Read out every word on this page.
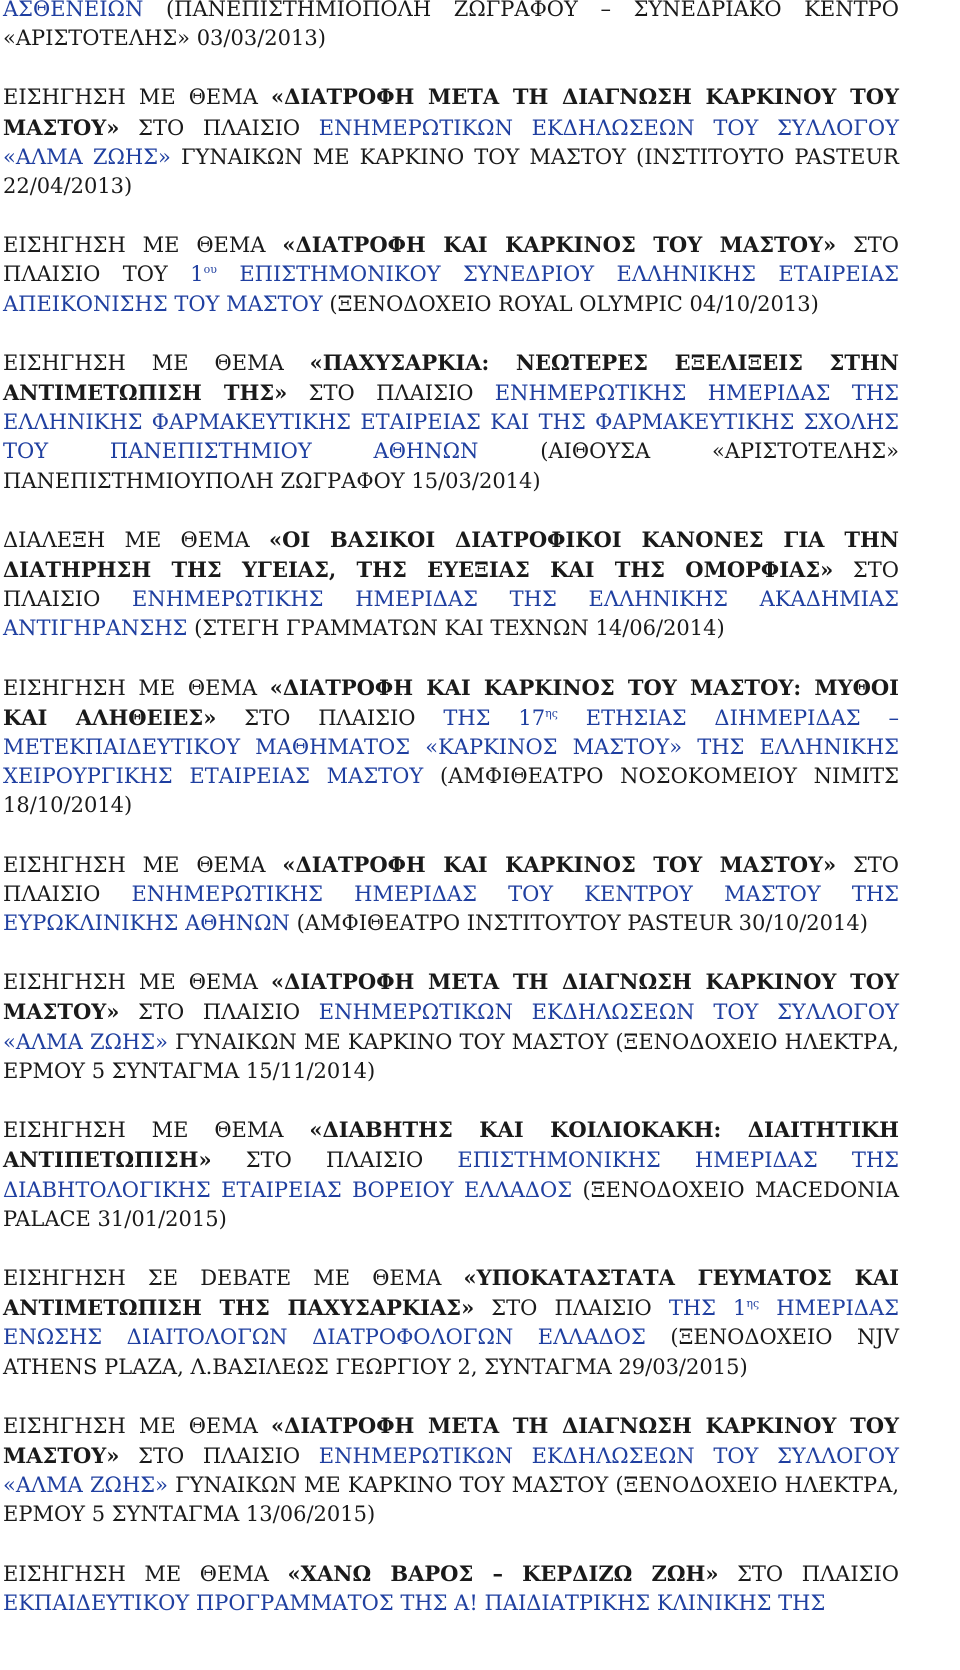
ΑΣΘΕΝΕΙΩΝ (ΠΑΝΕΠΙΣΤΗΜΙΟΠΟΛΗ ΖΩΓΡΑΦΟΥ – ΣΥΝΕΔΡΙΑΚΟ ΚΕΝΤΡΟ «ΑΡΙΣΤΟΤΕΛΗΣ» 03/03/2013)

ΕΙΣΗΓΗΣΗ ΜΕ ΘΕΜΑ «ΔΙΑΤΡΟΦΗ ΜΕΤΑ ΤΗ ΔΙΑΓΝΩΣΗ ΚΑΡΚΙΝΟΥ ΤΟΥ ΜΑΣΤΟΥ» ΣΤΟ ΠΛΑΙΣΙΟ ΕΝΗΜΕΡΩΤΙΚΩΝ ΕΚΔΗΛΩΣΕΩΝ ΤΟΥ ΣΥΛΛΟΓΟΥ «ΑΛΜΑ ΖΩΗΣ» ΓΥΝΑΙΚΩΝ ΜΕ ΚΑΡΚΙΝΟ ΤΟΥ ΜΑΣΤΟΥ (ΙΝΣΤΙΤΟΥΤΟ PASTEUR 22/04/2013)

ΕΙΣΗΓΗΣΗ ΜΕ ΘΕΜΑ «ΔΙΑΤΡΟΦΗ ΚΑΙ ΚΑΡΚΙΝΟΣ ΤΟΥ ΜΑΣΤΟΥ» ΣΤΟ ΠΛΑΙΣΙΟ ΤΟΥ $1^{o\upsilon}$ ΕΠΙΣΤΗΜΟΝΙΚΟΥ ΣΥΝΕΔΡΙΟΥ ΕΛΛΗΝΙΚΗΣ ΕΤΑΙΡΕΙΑΣ ΑΠΕΙΚΟΝΙΣΗΣ ΤΟΥ ΜΑΣΤΟΥ (ΞΕΝΟΔΟΧΕΙΟ ROYAL OLYMPIC 04/10/2013)

ΕΙΣΗΓΗΣΗ ΜΕ ΘΕΜΑ «ΠΑΧΥΣΑΡΚΙΑ: ΝΕΩΤΕΡΕΣ ΕΞΕΛΙΞΕΙΣ ΣΤΗΝ ΑΝΤΙΜΕΤΩΠΙΣΗ ΤΗΣ» ΣΤΟ ΠΛΑΙΣΙΟ ΕΝΗΜΕΡΩΤΙΚΗΣ ΗΜΕΡΙΔΑΣ ΤΗΣ ΕΛΛΗΝΙΚΗΣ ΦΑΡΜΑΚΕΥΤΙΚΗΣ ΕΤΑΙΡΕΙΑΣ ΚΑΙ ΤΗΣ ΦΑΡΜΑΚΕΥΤΙΚΗΣ ΣΧΟΛΗΣ ΤΟΥ ΠΑΝΕΠΙΣΤΗΜΙΟΥ ΑΘΗΝΩΝ (ΑΙΘΟΥΣΑ «ΑΡΙΣΤΟΤΕΛΗΣ» ΠΑΝΕΠΙΣΤΗΜΙΟΥΠΟΛΗ ΖΩΓΡΑΦΟΥ 15/03/2014)

ΔΙΑΛΕΞΗ ΜΕ ΘΕΜΑ «ΟΙ ΒΑΣΙΚΟΙ ΔΙΑΤΡΟΦΙΚΟΙ ΚΑΝΟΝΕΣ ΓΙΑ ΤΗΝ ΔΙΑΤΗΡΗΣΗ ΤΗΣ ΥΓΕΙΑΣ, ΤΗΣ ΕΥΕΞΙΑΣ ΚΑΙ ΤΗΣ ΟΜΟΡΦΙΑΣ» ΣΤΟ ΠΛΑΙΣΙΟ ΕΝΗΜΕΡΩΤΙΚΗΣ ΗΜΕΡΙΔΑΣ ΤΗΣ ΕΛΛΗΝΙΚΗΣ ΑΚΑΔΗΜΙΑΣ ΑΝΤΙΓΗΡΑΝΣΗΣ (ΣΤΕΓΗ ΓΡΑΜΜΑΤΩΝ ΚΑΙ ΤΕΧΝΩΝ 14/06/2014)

ΕΙΣΗΓΗΣΗ ΜΕ ΘΕΜΑ «ΔΙΑΤΡΟΦΗ ΚΑΙ ΚΑΡΚΙΝΟΣ ΤΟΥ ΜΑΣΤΟΥ: ΜΥΘΟΙ ΚΑΙ ΑΛΗΘΕΙΕΣ» ΣΤΟ ΠΛΑΙΣΙΟ ΤΗΣ $17^{\eta\varsigma}$ ΕΤΗΣΙΑΣ ΔΙΗΜΕΡΙΔΑΣ – ΜΕΤΕΚΠΑΙΔΕΥΤΙΚΟΥ ΜΑΘΗΜΑΤΟΣ «ΚΑΡΚΙΝΟΣ ΜΑΣΤΟΥ» ΤΗΣ ΕΛΛΗΝΙΚΗΣ ΧΕΙΡΟΥΡΓΙΚΗΣ ΕΤΑΙΡΕΙΑΣ ΜΑΣΤΟΥ (ΑΜΦΙΘΕΑΤΡΟ ΝΟΣΟΚΟΜΕΙΟΥ ΝΙΜΙΤΣ 18/10/2014)

ΕΙΣΗΓΗΣΗ ΜΕ ΘΕΜΑ «ΔΙΑΤΡΟΦΗ ΚΑΙ ΚΑΡΚΙΝΟΣ ΤΟΥ ΜΑΣΤΟΥ» ΣΤΟ ΠΛΑΙΣΙΟ ΕΝΗΜΕΡΩΤΙΚΗΣ ΗΜΕΡΙΔΑΣ ΤΟΥ ΚΕΝΤΡΟΥ ΜΑΣΤΟΥ ΤΗΣ ΕΥΡΩΚΛΙΝΙΚΗΣ ΑΘΗΝΩΝ (ΑΜΦΙΘΕΑΤΡΟ ΙΝΣΤΙΤΟΥΤΟΥ PASTEUR 30/10/2014)

ΕΙΣΗΓΗΣΗ ΜΕ ΘΕΜΑ «ΔΙΑΤΡΟΦΗ ΜΕΤΑ ΤΗ ΔΙΑΓΝΩΣΗ ΚΑΡΚΙΝΟΥ ΤΟΥ ΜΑΣΤΟΥ» ΣΤΟ ΠΛΑΙΣΙΟ ΕΝΗΜΕΡΩΤΙΚΩΝ ΕΚΔΗΛΩΣΕΩΝ ΤΟΥ ΣΥΛΛΟΓΟΥ «ΑΛΜΑ ΖΩΗΣ» ΓΥΝΑΙΚΩΝ ΜΕ ΚΑΡΚΙΝΟ ΤΟΥ ΜΑΣΤΟΥ (ΞΕΝΟΔΟΧΕΙΟ ΗΛΕΚΤΡΑ, ΕΡΜΟΥ 5 ΣΥΝΤΑΓΜΑ 15/11/2014)

ΕΙΣΗΓΗΣΗ ΜΕ ΘΕΜΑ «ΔΙΑΒΗΤΗΣ ΚΑΙ ΚΟΙΛΙΟΚΑΚΗ: ΔΙΑΙΤΗΤΙΚΗ ΑΝΤΙΠΕΤΩΠΙΣΗ» ΣΤΟ ΠΛΑΙΣΙΟ ΕΠΙΣΤΗΜΟΝΙΚΗΣ ΗΜΕΡΙΔΑΣ ΤΗΣ ΔΙΑΒΗΤΟΛΟΓΙΚΗΣ ΕΤΑΙΡΕΙΑΣ ΒΟΡΕΙΟΥ ΕΛΛΑΔΟΣ (ΞΕΝΟΔΟΧΕΙΟ MACEDONIA PALACE 31/01/2015)

ΕΙΣΗΓΗΣΗ ΣΕ DEBATE ΜΕ ΘΕΜΑ «ΥΠΟΚΑΤΑΣΤΑΤΑ ΓΕΥΜΑΤΟΣ ΚΑΙ ΑΝΤΙΜΕΤΩΠΙΣΗ ΤΗΣ ΠΑΧΥΣΑΡΚΙΑΣ» ΣΤΟ ΠΛΑΙΣΙΟ ΤΗΣ $1^{\eta\varsigma}$ ΗΜΕΡΙΔΑΣ ΕΝΩΣΗΣ ΔΙΑΙΤΟΛΟΓΩΝ ΔΙΑΤΡΟΦΟΛΟΓΩΝ ΕΛΛΑΔΟΣ (ΞΕΝΟΔΟΧΕΙΟ NJV ATHENS PLAZA, Λ.ΒΑΣΙΛΕΩΣ ΓΕΩΡΓΙΟΥ 2, ΣΥΝΤΑΓΜΑ 29/03/2015)

ΕΙΣΗΓΗΣΗ ΜΕ ΘΕΜΑ «ΔΙΑΤΡΟΦΗ ΜΕΤΑ ΤΗ ΔΙΑΓΝΩΣΗ ΚΑΡΚΙΝΟΥ ΤΟΥ ΜΑΣΤΟΥ» ΣΤΟ ΠΛΑΙΣΙΟ ΕΝΗΜΕΡΩΤΙΚΩΝ ΕΚΔΗΛΩΣΕΩΝ ΤΟΥ ΣΥΛΛΟΓΟΥ «ΑΛΜΑ ΖΩΗΣ» ΓΥΝΑΙΚΩΝ ΜΕ ΚΑΡΚΙΝΟ ΤΟΥ ΜΑΣΤΟΥ (ΞΕΝΟΔΟΧΕΙΟ ΗΛΕΚΤΡΑ, ΕΡΜΟΥ 5 ΣΥΝΤΑΓΜΑ 13/06/2015)

ΕΙΣΗΓΗΣΗ ΜΕ ΘΕΜΑ «ΧΑΝΩ ΒΑΡΟΣ – ΚΕΡΔΙΖΩ ΖΩΗ» ΣΤΟ ΠΛΑΙΣΙΟ ΕΚΠΑΙΔΕΥΤΙΚΟΥ ΠΡΟΓΡΑΜΜΑΤΟΣ ΤΗΣ Α! ΠΑΙΔΙΑΤΡΙΚΗΣ ΚΛΙΝΙΚΗΣ ΤΗΣ
